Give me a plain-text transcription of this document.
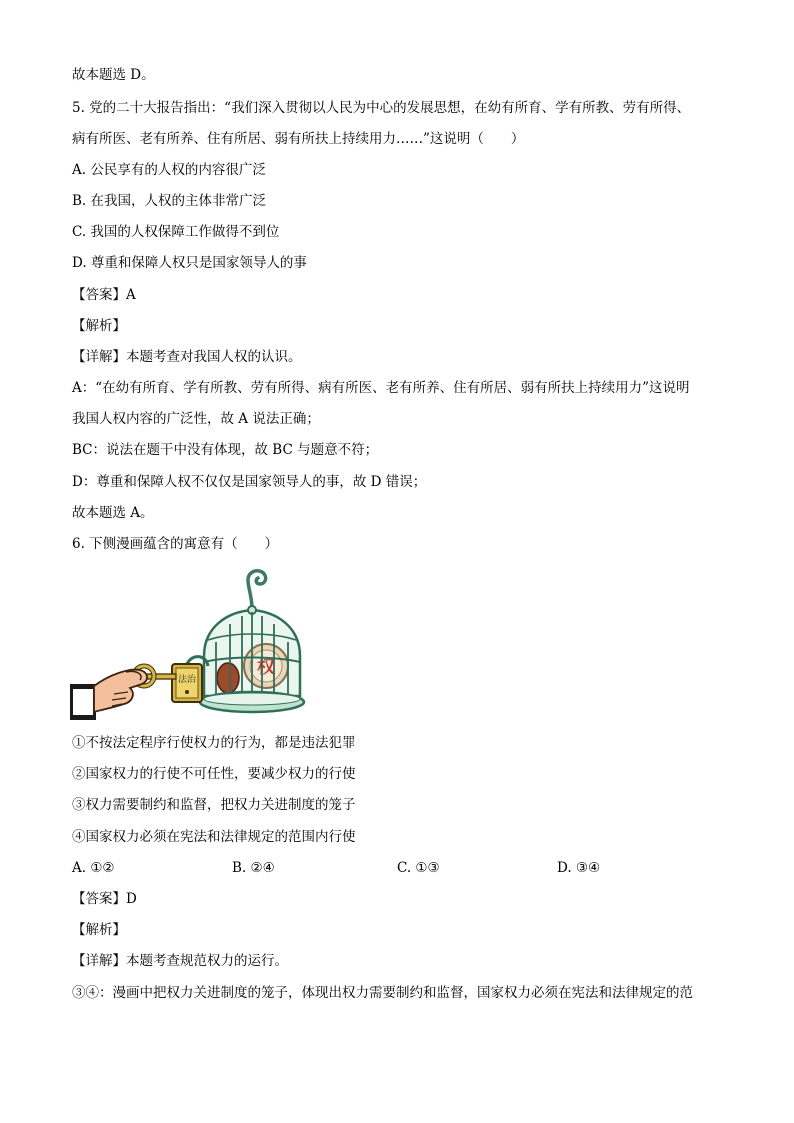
故本题选 D。
5. 党的二十大报告指出：“我们深入贯彻以人民为中心的发展思想，在幼有所育、学有所教、劳有所得、
病有所医、老有所养、住有所居、弱有所扶上持续用力……”这说明（　　）
A. 公民享有的人权的内容很广泛
B. 在我国，人权的主体非常广泛
C. 我国的人权保障工作做得不到位
D. 尊重和保障人权只是国家领导人的事
【答案】A
【解析】
【详解】本题考查对我国人权的认识。
A：“在幼有所育、学有所教、劳有所得、病有所医、老有所养、住有所居、弱有所扶上持续用力”这说明
我国人权内容的广泛性，故 A 说法正确；
BC：说法在题干中没有体现，故 BC 与题意不符；
D：尊重和保障人权不仅仅是国家领导人的事，故 D 错误；
故本题选 A。
6. 下侧漫画蕴含的寓意有（　　）
权
法治
①不按法定程序行使权力的行为，都是违法犯罪
②国家权力的行使不可任性，要减少权力的行使
③权力需要制约和监督，把权力关进制度的笼子
④国家权力必须在宪法和法律规定的范围内行使
A. ①②	B. ②④	C. ①③	D. ③④
【答案】D
【解析】
【详解】本题考查规范权力的运行。
③④：漫画中把权力关进制度的笼子，体现出权力需要制约和监督，国家权力必须在宪法和法律规定的范
